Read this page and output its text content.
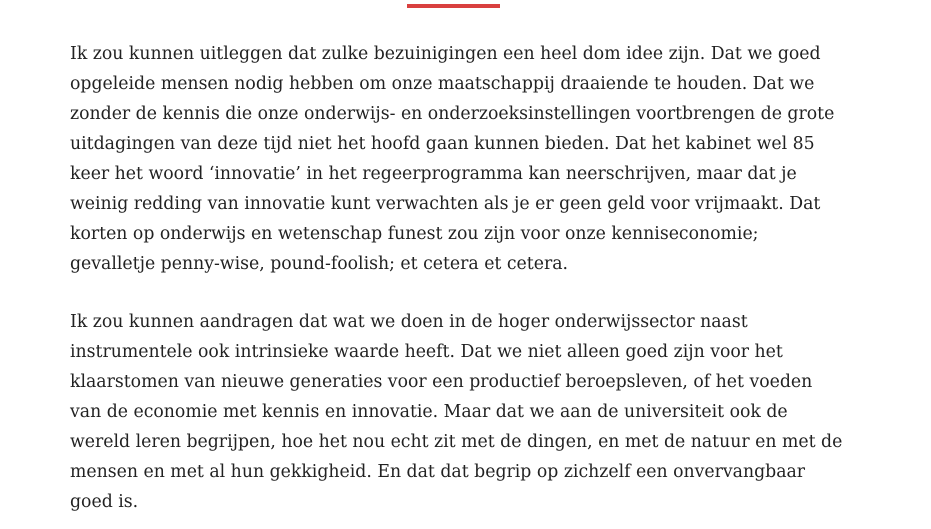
Ik zou kunnen uitleggen dat zulke bezuinigingen een heel dom idee zijn. Dat we goed
opgeleide mensen nodig hebben om onze maatschappij draaiende te houden. Dat we
zonder de kennis die onze onderwijs- en onderzoeksinstellingen voortbrengen de grote
uitdagingen van deze tijd niet het hoofd gaan kunnen bieden. Dat het kabinet wel 85
keer het woord ‘innovatie’ in het regeerprogramma kan neerschrijven, maar dat je
weinig redding van innovatie kunt verwachten als je er geen geld voor vrijmaakt. Dat
korten op onderwijs en wetenschap funest zou zijn voor onze kenniseconomie;
gevalletje penny-wise, pound-foolish; et cetera et cetera.

Ik zou kunnen aandragen dat wat we doen in de hoger onderwijssector naast
instrumentele ook intrinsieke waarde heeft. Dat we niet alleen goed zijn voor het
klaarstomen van nieuwe generaties voor een productief beroepsleven, of het voeden
van de economie met kennis en innovatie. Maar dat we aan de universiteit ook de
wereld leren begrijpen, hoe het nou echt zit met de dingen, en met de natuur en met de
mensen en met al hun gekkigheid. En dat dat begrip op zichzelf een onvervangbaar
goed is.
